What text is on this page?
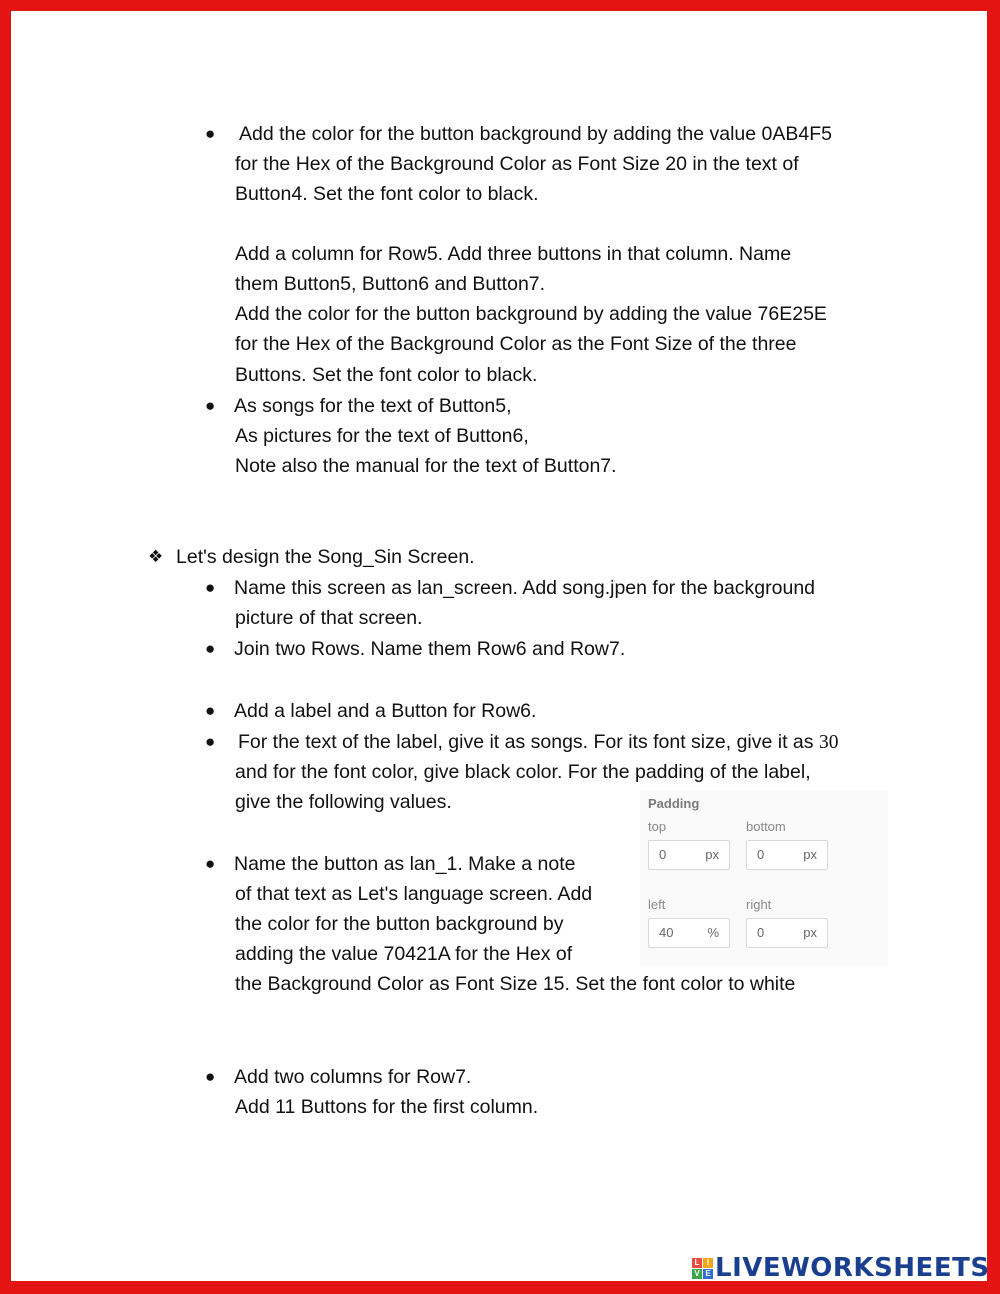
● Add the color for the button background by adding the value 0AB4F5
for the Hex of the Background Color as Font Size 20 in the text of
Button4. Set the font color to black.
Add a column for Row5. Add three buttons in that column. Name
them Button5, Button6 and Button7.
Add the color for the button background by adding the value 76E25E
for the Hex of the Background Color as the Font Size of the three
Buttons. Set the font color to black.
● As songs for the text of Button5,
As pictures for the text of Button6,
Note also the manual for the text of Button7.
❖ Let's design the Song_Sin Screen.
● Name this screen as lan_screen. Add song.jpen for the background
picture of that screen.
● Join two Rows. Name them Row6 and Row7.
● Add a label and a Button for Row6.
● For the text of the label, give it as songs. For its font size, give it as 30
and for the font color, give black color. For the padding of the label,
give the following values.
● Name the button as lan_1. Make a note
of that text as Let's language screen. Add
the color for the button background by
adding the value 70421A for the Hex of
the Background Color as Font Size 15. Set the font color to white
● Add two columns for Row7.
Add 11 Buttons for the first column.
Padding
top	bottom
0	px	0	px
left	right
40	%	0	px
L I
V E LIVEWORKSHEETS
